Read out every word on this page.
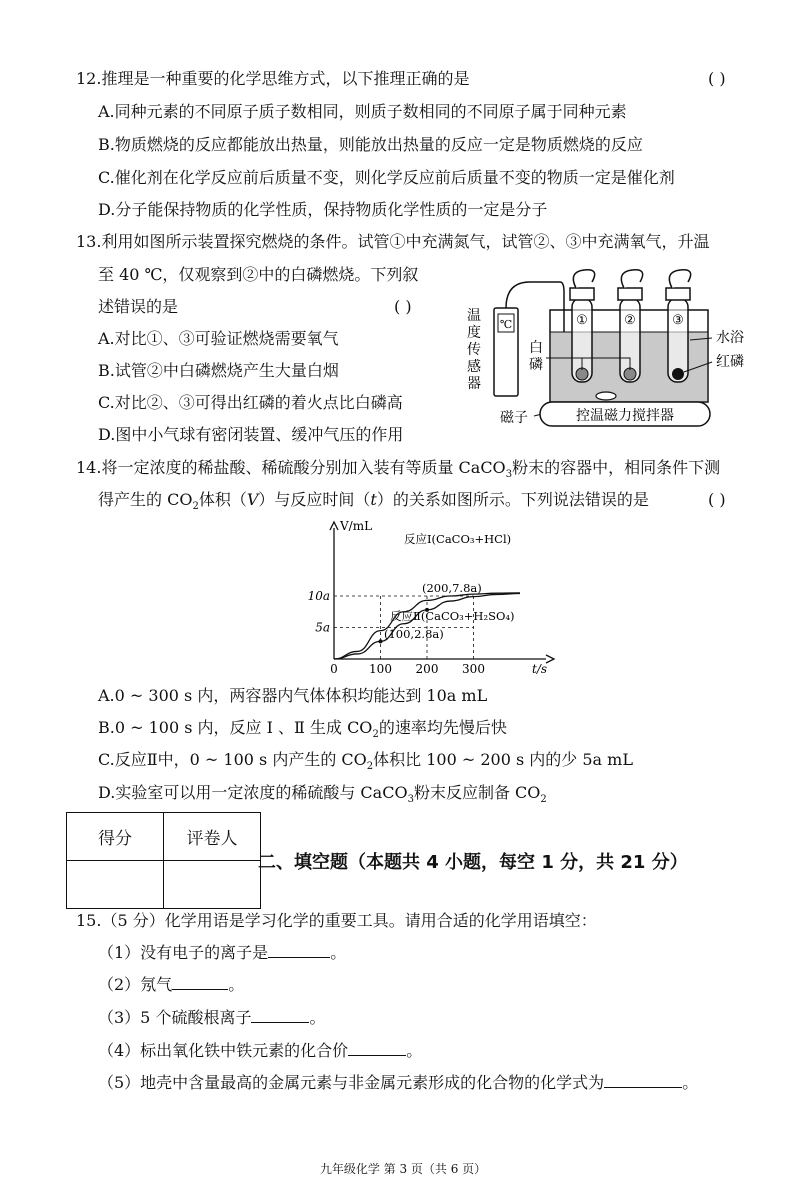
12.推理是一种重要的化学思维方式，以下推理正确的是	( )
A.同种元素的不同原子质子数相同，则质子数相同的不同原子属于同种元素
B.物质燃烧的反应都能放出热量，则能放出热量的反应一定是物质燃烧的反应
C.催化剂在化学反应前后质量不变，则化学反应前后质量不变的物质一定是催化剂
D.分子能保持物质的化学性质，保持物质化学性质的一定是分子
13.利用如图所示装置探究燃烧的条件。试管①中充满氮气，试管②、③中充满氧气，升温
至 40 ℃，仅观察到②中的白磷燃烧。下列叙
述错误的是	( )
A.对比①、③可验证燃烧需要氧气
B.试管②中白磷燃烧产生大量白烟
C.对比②、③可得出红磷的着火点比白磷高
D.图中小气球有密闭装置、缓冲气压的作用
℃
温度传感器
①	②	③
白磷
水浴
红磷
磁子	控温磁力搅拌器
14.将一定浓度的稀盐酸、稀硫酸分别加入装有等质量 CaCO$_3$粉末的容器中，相同条件下测
得产生的 $CO_2$体积（V）与反应时间（t）的关系如图所示。下列说法错误的是	( )
0	100 200 300
5a
10a
V/mL
t/s
反应Ⅰ(CaCO₃+HCl)
反应Ⅱ(CaCO₃+H₂SO₄)
(200,7.8a)
(100,2.8a)
A.0 ~ 300 s 内，两容器内气体体积均能达到 10a mL
B.0 ~ 100 s 内，反应 Ⅰ 、Ⅱ 生成 $CO_2$的速率均先慢后快
C.反应Ⅱ中，0 ~ 100 s 内产生的 $CO_2$体积比 100 ~ 200 s 内的少 5a mL
D.实验室可以用一定浓度的稀硫酸与 CaCO$_3$粉末反应制备 $CO_2$
得分	评卷人

二、填空题（本题共 4 小题，每空 1 分，共 21 分）
15.（5 分）化学用语是学习化学的重要工具。请用合适的化学用语填空：
（1）没有电子的离子是	。
（2）氖气	。
（3）5 个硫酸根离子	。
（4）标出氧化铁中铁元素的化合价	。
（5）地壳中含量最高的金属元素与非金属元素形成的化合物的化学式为	。
九年级化学 第 3 页（共 6 页）
